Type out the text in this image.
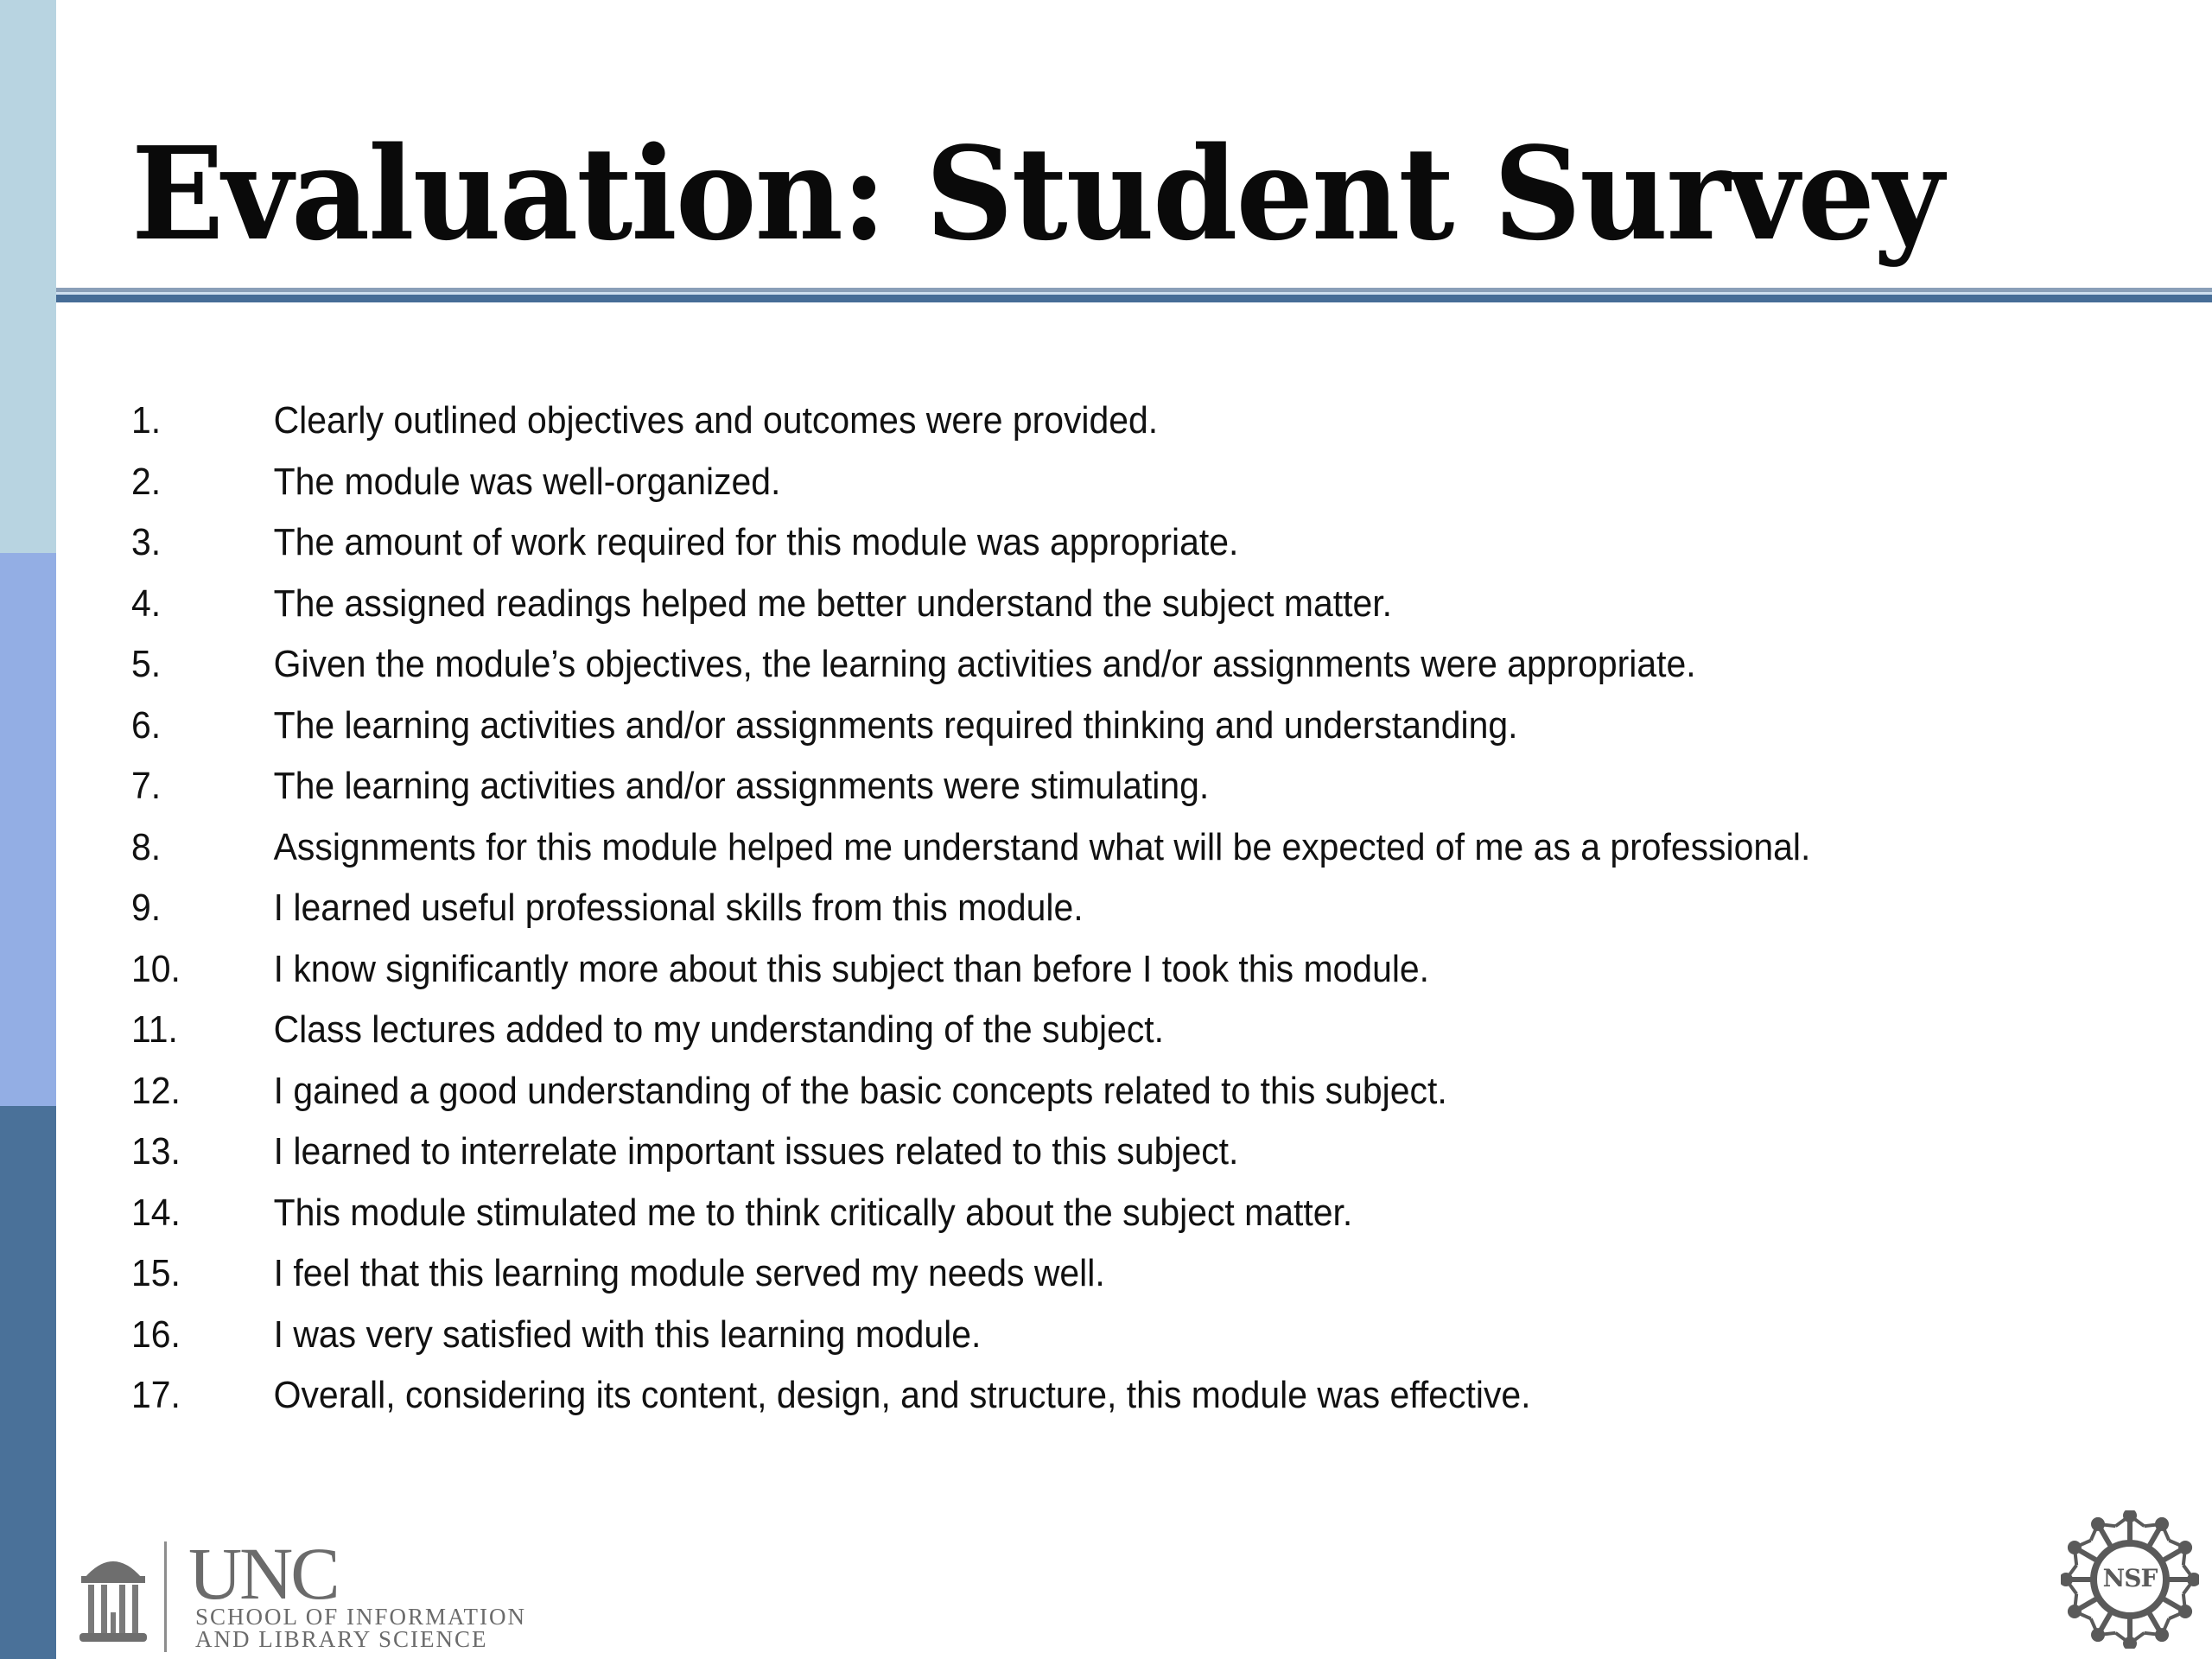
Evaluation: Student Survey
1.	Clearly outlined objectives and outcomes were provided.
2.	The module was well-organized.
3.	The amount of work required for this module was appropriate.
4.	The assigned readings helped me better understand the subject matter.
5.	Given the module’s objectives, the learning activities and/or assignments were appropriate.
6.	The learning activities and/or assignments required thinking and understanding.
7.	The learning activities and/or assignments were stimulating.
8.	Assignments for this module helped me understand what will be expected of me as a professional.
9.	I learned useful professional skills from this module.
10.	I know significantly more about this subject than before I took this module.
11.	Class lectures added to my understanding of the subject.
12.	I gained a good understanding of the basic concepts related to this subject.
13.	I learned to interrelate important issues related to this subject.
14.	This module stimulated me to think critically about the subject matter.
15.	I feel that this learning module served my needs well.
16.	I was very satisfied with this learning module.
17.	Overall, considering its content, design, and structure, this module was effective.
UNC
SCHOOL OF INFORMATION
AND LIBRARY SCIENCE
NSF
